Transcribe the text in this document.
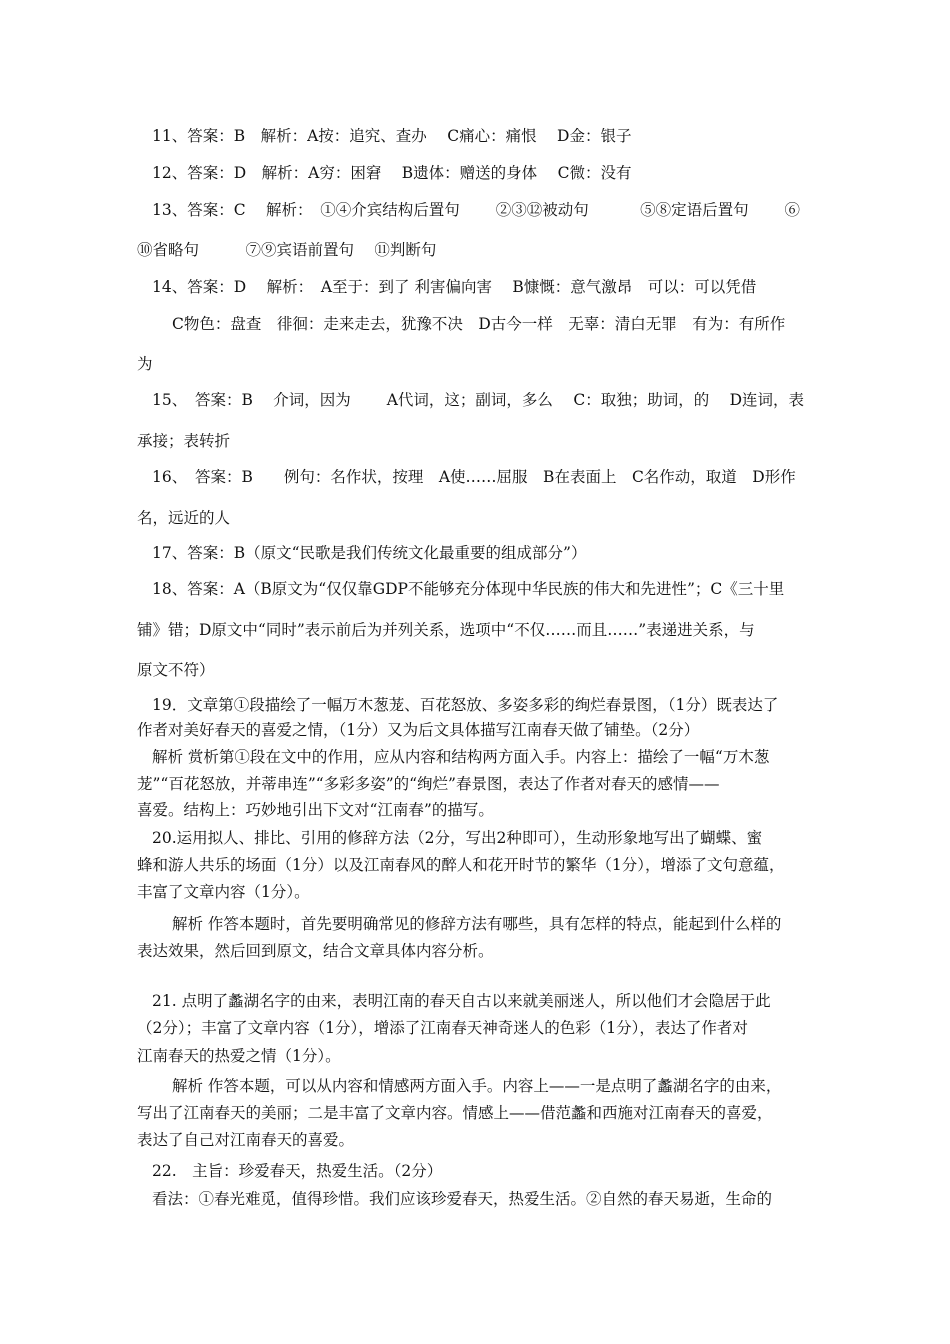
11、答案：B　解析：A按：追究、查办　 C痛心：痛恨　 D金：银子

12、答案：D　解析：A穷：困窘　 B遗体：赠送的身体　 C微：没有

13、答案：C　 解析：　①④介宾结构后置句　　 ②③⑫被动句　　　 ⑤⑧定语后置句　　 ⑥

⑩省略句　　　⑦⑨宾语前置句　 ⑪判断句

14、答案：D　 解析：　A至于：到了 利害偏向害　 B慷慨：意气激昂　可以：可以凭借

C物色：盘查　徘徊：走来走去，犹豫不决　D古今一样　无辜：清白无罪　有为：有所作

为

15、　答案：B　 介词，因为　　 A代词，这；副词，多么　 C：取独；助词，的　 D连词，表

承接；表转折

16、　答案：B　　例句：名作状，按理　A使……屈服　B在表面上　C名作动，取道　D形作

名，远近的人

17、答案：B（原文“民歌是我们传统文化最重要的组成部分”）

18、答案：A（B原文为“仅仅靠GDP不能够充分体现中华民族的伟大和先进性”；C《三十里

铺》错；D原文中“同时”表示前后为并列关系，选项中“不仅……而且……”表递进关系，与

原文不符）

19．文章第①段描绘了一幅万木葱茏、百花怒放、多姿多彩的绚烂春景图，（1分）既表达了

作者对美好春天的喜爱之情，（1分）又为后文具体描写江南春天做了铺垫。（2分）

解析 赏析第①段在文中的作用，应从内容和结构两方面入手。内容上：描绘了一幅“万木葱

茏”“百花怒放，并蒂串连”“多彩多姿”的“绚烂”春景图，表达了作者对春天的感情——

喜爱。结构上：巧妙地引出下文对“江南春”的描写。

20.运用拟人、排比、引用的修辞方法（2分，写出2种即可），生动形象地写出了蝴蝶、蜜

蜂和游人共乐的场面（1分）以及江南春风的醉人和花开时节的繁华（1分），增添了文句意蕴，

丰富了文章内容（1分）。

解析 作答本题时，首先要明确常见的修辞方法有哪些，具有怎样的特点，能起到什么样的

表达效果，然后回到原文，结合文章具体内容分析。

21. 点明了蠡湖名字的由来，表明江南的春天自古以来就美丽迷人，所以他们才会隐居于此

（2分）；丰富了文章内容（1分），增添了江南春天神奇迷人的色彩（1分），表达了作者对

江南春天的热爱之情（1分）。

解析 作答本题，可以从内容和情感两方面入手。内容上——一是点明了蠡湖名字的由来，

写出了江南春天的美丽；二是丰富了文章内容。情感上——借范蠡和西施对江南春天的喜爱，

表达了自己对江南春天的喜爱。

22.　主旨：珍爱春天，热爱生活。（2分）

看法：①春光难觅，值得珍惜。我们应该珍爱春天，热爱生活。②自然的春天易逝，生命的
